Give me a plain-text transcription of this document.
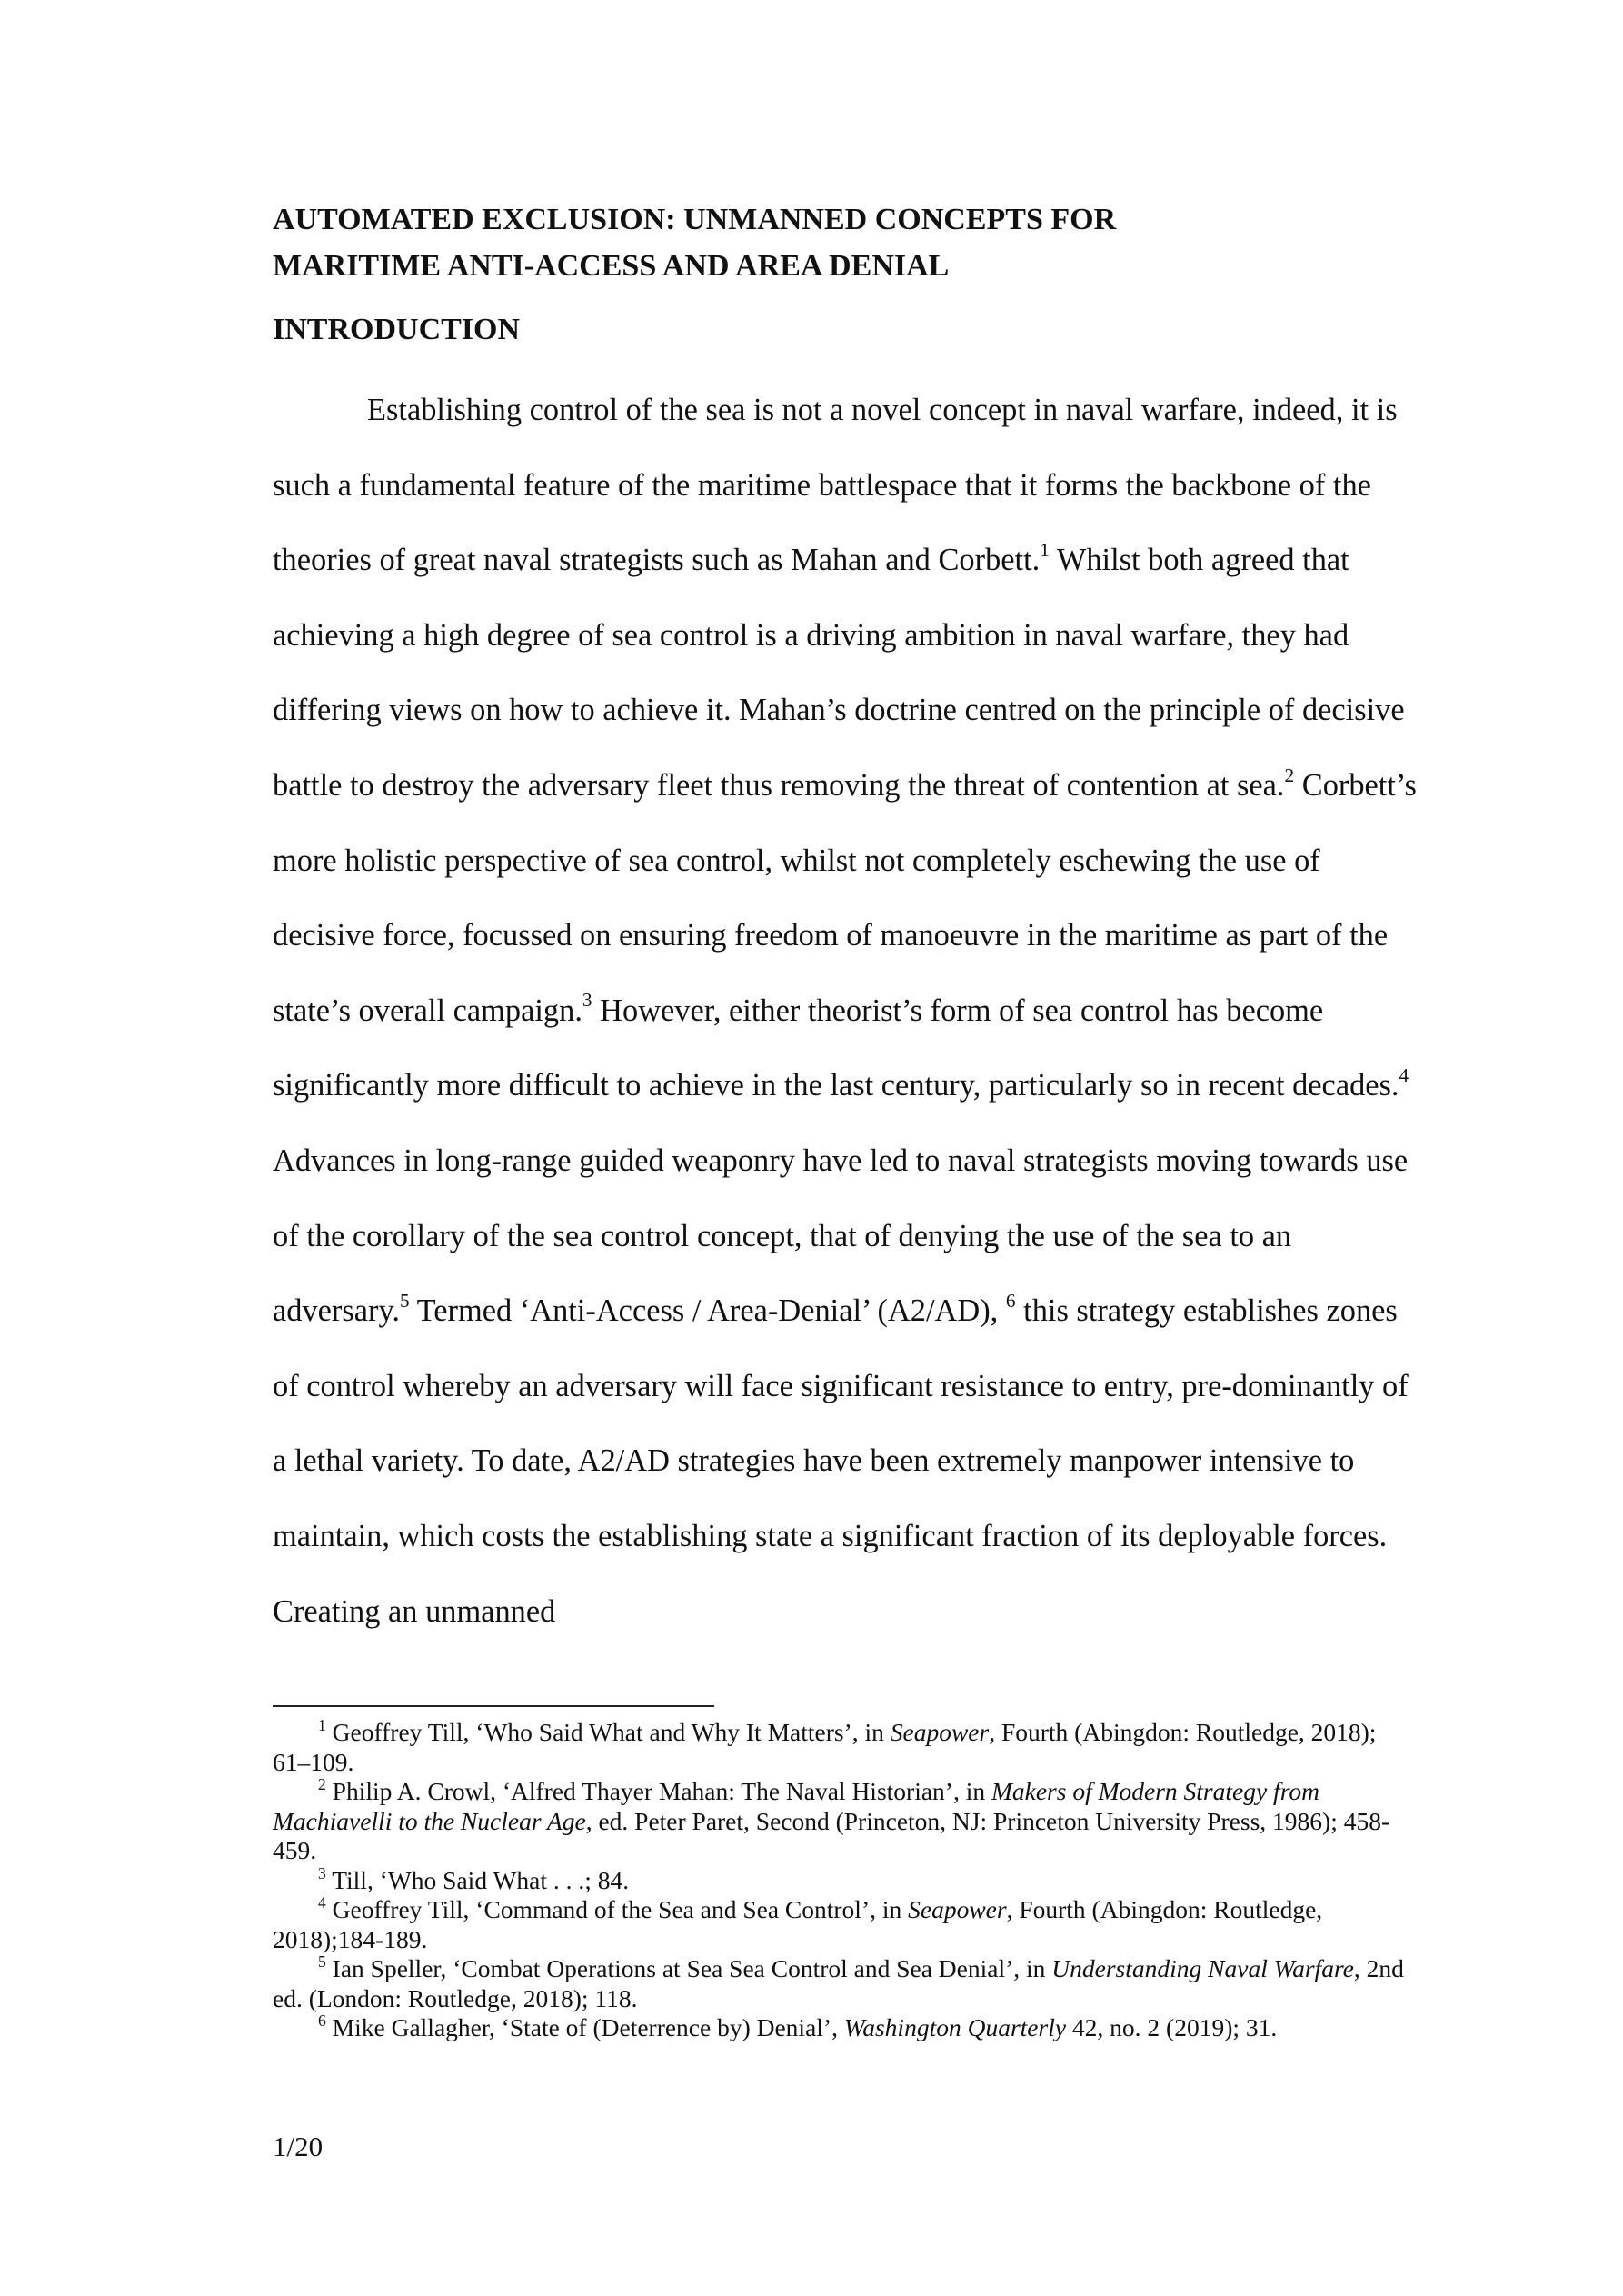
AUTOMATED EXCLUSION: UNMANNED CONCEPTS FOR
MARITIME ANTI-ACCESS AND AREA DENIAL
INTRODUCTION

Establishing control of the sea is not a novel concept in naval warfare, indeed, it is such a fundamental feature of the maritime battlespace that it forms the backbone of the theories of great naval strategists such as Mahan and Corbett.$^1$ Whilst both agreed that achieving a high degree of sea control is a driving ambition in naval warfare, they had differing views on how to achieve it. Mahan’s doctrine centred on the principle of decisive battle to destroy the adversary fleet thus removing the threat of contention at sea.$^2$ Corbett’s more holistic perspective of sea control, whilst not completely eschewing the use of decisive force, focussed on ensuring freedom of manoeuvre in the maritime as part of the state’s overall campaign.$^3$ However, either theorist’s form of sea control has become significantly more difficult to achieve in the last century, particularly so in recent decades.$^4$ Advances in long-range guided weaponry have led to naval strategists moving towards use of the corollary of the sea control concept, that of denying the use of the sea to an adversary.$^5$ Termed ‘Anti-Access / Area-Denial’ (A2/AD), $^6$ this strategy establishes zones of control whereby an adversary will face significant resistance to entry, pre-dominantly of a lethal variety. To date, A2/AD strategies have been extremely manpower intensive to maintain, which costs the establishing state a significant fraction of its deployable forces. Creating an unmanned

$^1$ Geoffrey Till, ‘Who Said What and Why It Matters’, in Seapower, Fourth (Abingdon: Routledge, 2018); 61–109.

$^2$ Philip A. Crowl, ‘Alfred Thayer Mahan: The Naval Historian’, in Makers of Modern Strategy from Machiavelli to the Nuclear Age, ed. Peter Paret, Second (Princeton, NJ: Princeton University Press, 1986); 458-459.

$^3$ Till, ‘Who Said What . . .; 84.

$^4$ Geoffrey Till, ‘Command of the Sea and Sea Control’, in Seapower, Fourth (Abingdon: Routledge, 2018);184-189.

$^5$ Ian Speller, ‘Combat Operations at Sea Sea Control and Sea Denial’, in Understanding Naval Warfare, 2nd ed. (London: Routledge, 2018); 118.

$^6$ Mike Gallagher, ‘State of (Deterrence by) Denial’, Washington Quarterly 42, no. 2 (2019); 31.

1/20
